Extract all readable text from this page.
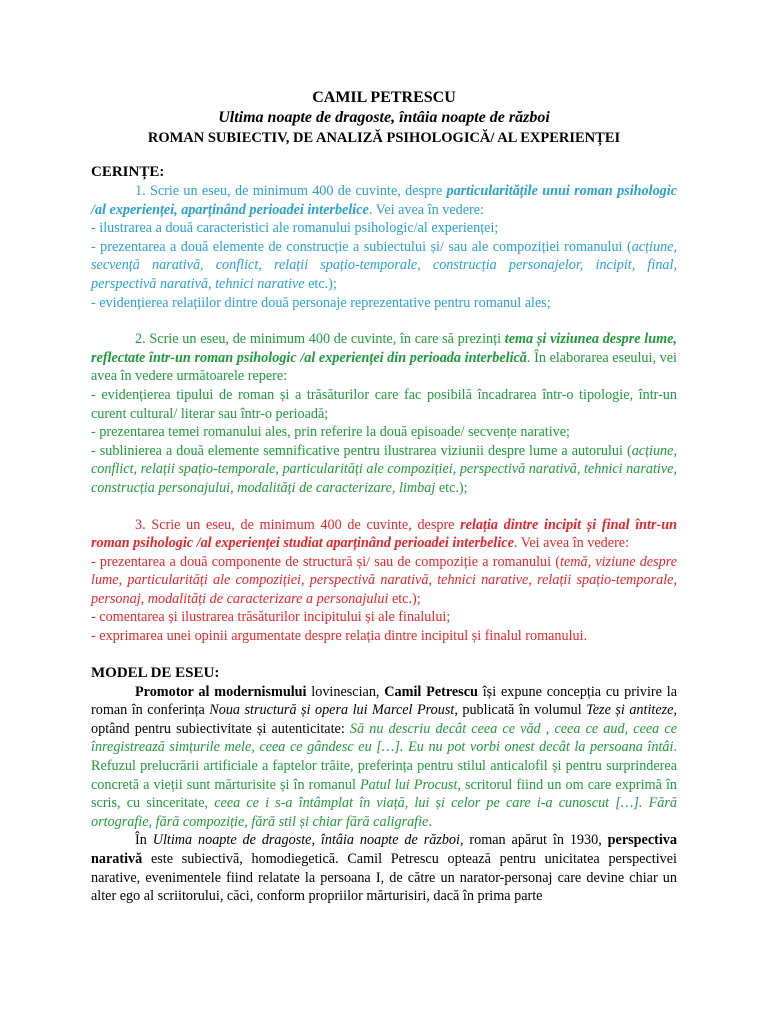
CAMIL PETRESCU

Ultima noapte de dragoste, întâia noapte de război

ROMAN SUBIECTIV, DE ANALIZĂ PSIHOLOGICĂ/ AL EXPERIENȚEI

CERINȚE:

1. Scrie un eseu, de minimum 400 de cuvinte, despre particularitățile unui roman psihologic /al experienței, aparținând perioadei interbelice. Vei avea în vedere:

- ilustrarea a două caracteristici ale romanului psihologic/al experienței;

- prezentarea a două elemente de construcție a subiectului și/ sau ale compoziției romanului (acțiune, secvență narativă, conflict, relații spațio-temporale, construcția personajelor, incipit, final, perspectivă narativă, tehnici narative etc.);

- evidențierea relațiilor dintre două personaje reprezentative pentru romanul ales;

2. Scrie un eseu, de minimum 400 de cuvinte, în care să prezinți tema și viziunea despre lume, reflectate într-un roman psihologic /al experienței din perioada interbelică. În elaborarea eseului, vei avea în vedere următoarele repere:

- evidențierea tipului de roman și a trăsăturilor care fac posibilă încadrarea într-o tipologie, într-un curent cultural/ literar sau într-o perioadă;

- prezentarea temei romanului ales, prin referire la două episoade/ secvențe narative;

- sublinierea a două elemente semnificative pentru ilustrarea viziunii despre lume a autorului (acțiune, conflict, relații spațio-temporale, particularități ale compoziției, perspectivă narativă, tehnici narative, construcția personajului, modalități de caracterizare, limbaj etc.);

3. Scrie un eseu, de minimum 400 de cuvinte, despre relația dintre incipit și final într-un roman psihologic /al experienței studiat aparținând perioadei interbelice. Vei avea în vedere:

- prezentarea a două componente de structură și/ sau de compoziție a romanului (temă, viziune despre lume, particularități ale compoziției, perspectivă narativă, tehnici narative, relații spațio-temporale, personaj, modalități de caracterizare a personajului etc.);

- comentarea și ilustrarea trăsăturilor incipitului și ale finalului;

- exprimarea unei opinii argumentate despre relația dintre incipitul și finalul romanului.

MODEL DE ESEU:

Promotor al modernismului lovinescian, Camil Petrescu își expune concepția cu privire la roman în conferința Noua structură și opera lui Marcel Proust, publicată în volumul Teze și antiteze, optând pentru subiectivitate și autenticitate: Să nu descriu decât ceea ce văd , ceea ce aud, ceea ce înregistrează simțurile mele, ceea ce gândesc eu […]. Eu nu pot vorbi onest decât la persoana întâi. Refuzul prelucrării artificiale a faptelor trăite, preferința pentru stilul anticalofil și pentru surprinderea concretă a vieții sunt mărturisite și în romanul Patul lui Procust, scritorul fiind un om care exprimă în scris, cu sinceritate, ceea ce i s-a întâmplat în viață, lui și celor pe care i-a cunoscut […]. Fără ortografie, fără compoziție, fără stil și chiar fără caligrafie.

În Ultima noapte de dragoste, întâia noapte de război, roman apărut în 1930, perspectiva narativă este subiectivă, homodiegetică. Camil Petrescu optează pentru unicitatea perspectivei narative, evenimentele fiind relatate la persoana I, de către un narator-personaj care devine chiar un alter ego al scriitorului, căci, conform propriilor mărturisiri, dacă în prima parte
